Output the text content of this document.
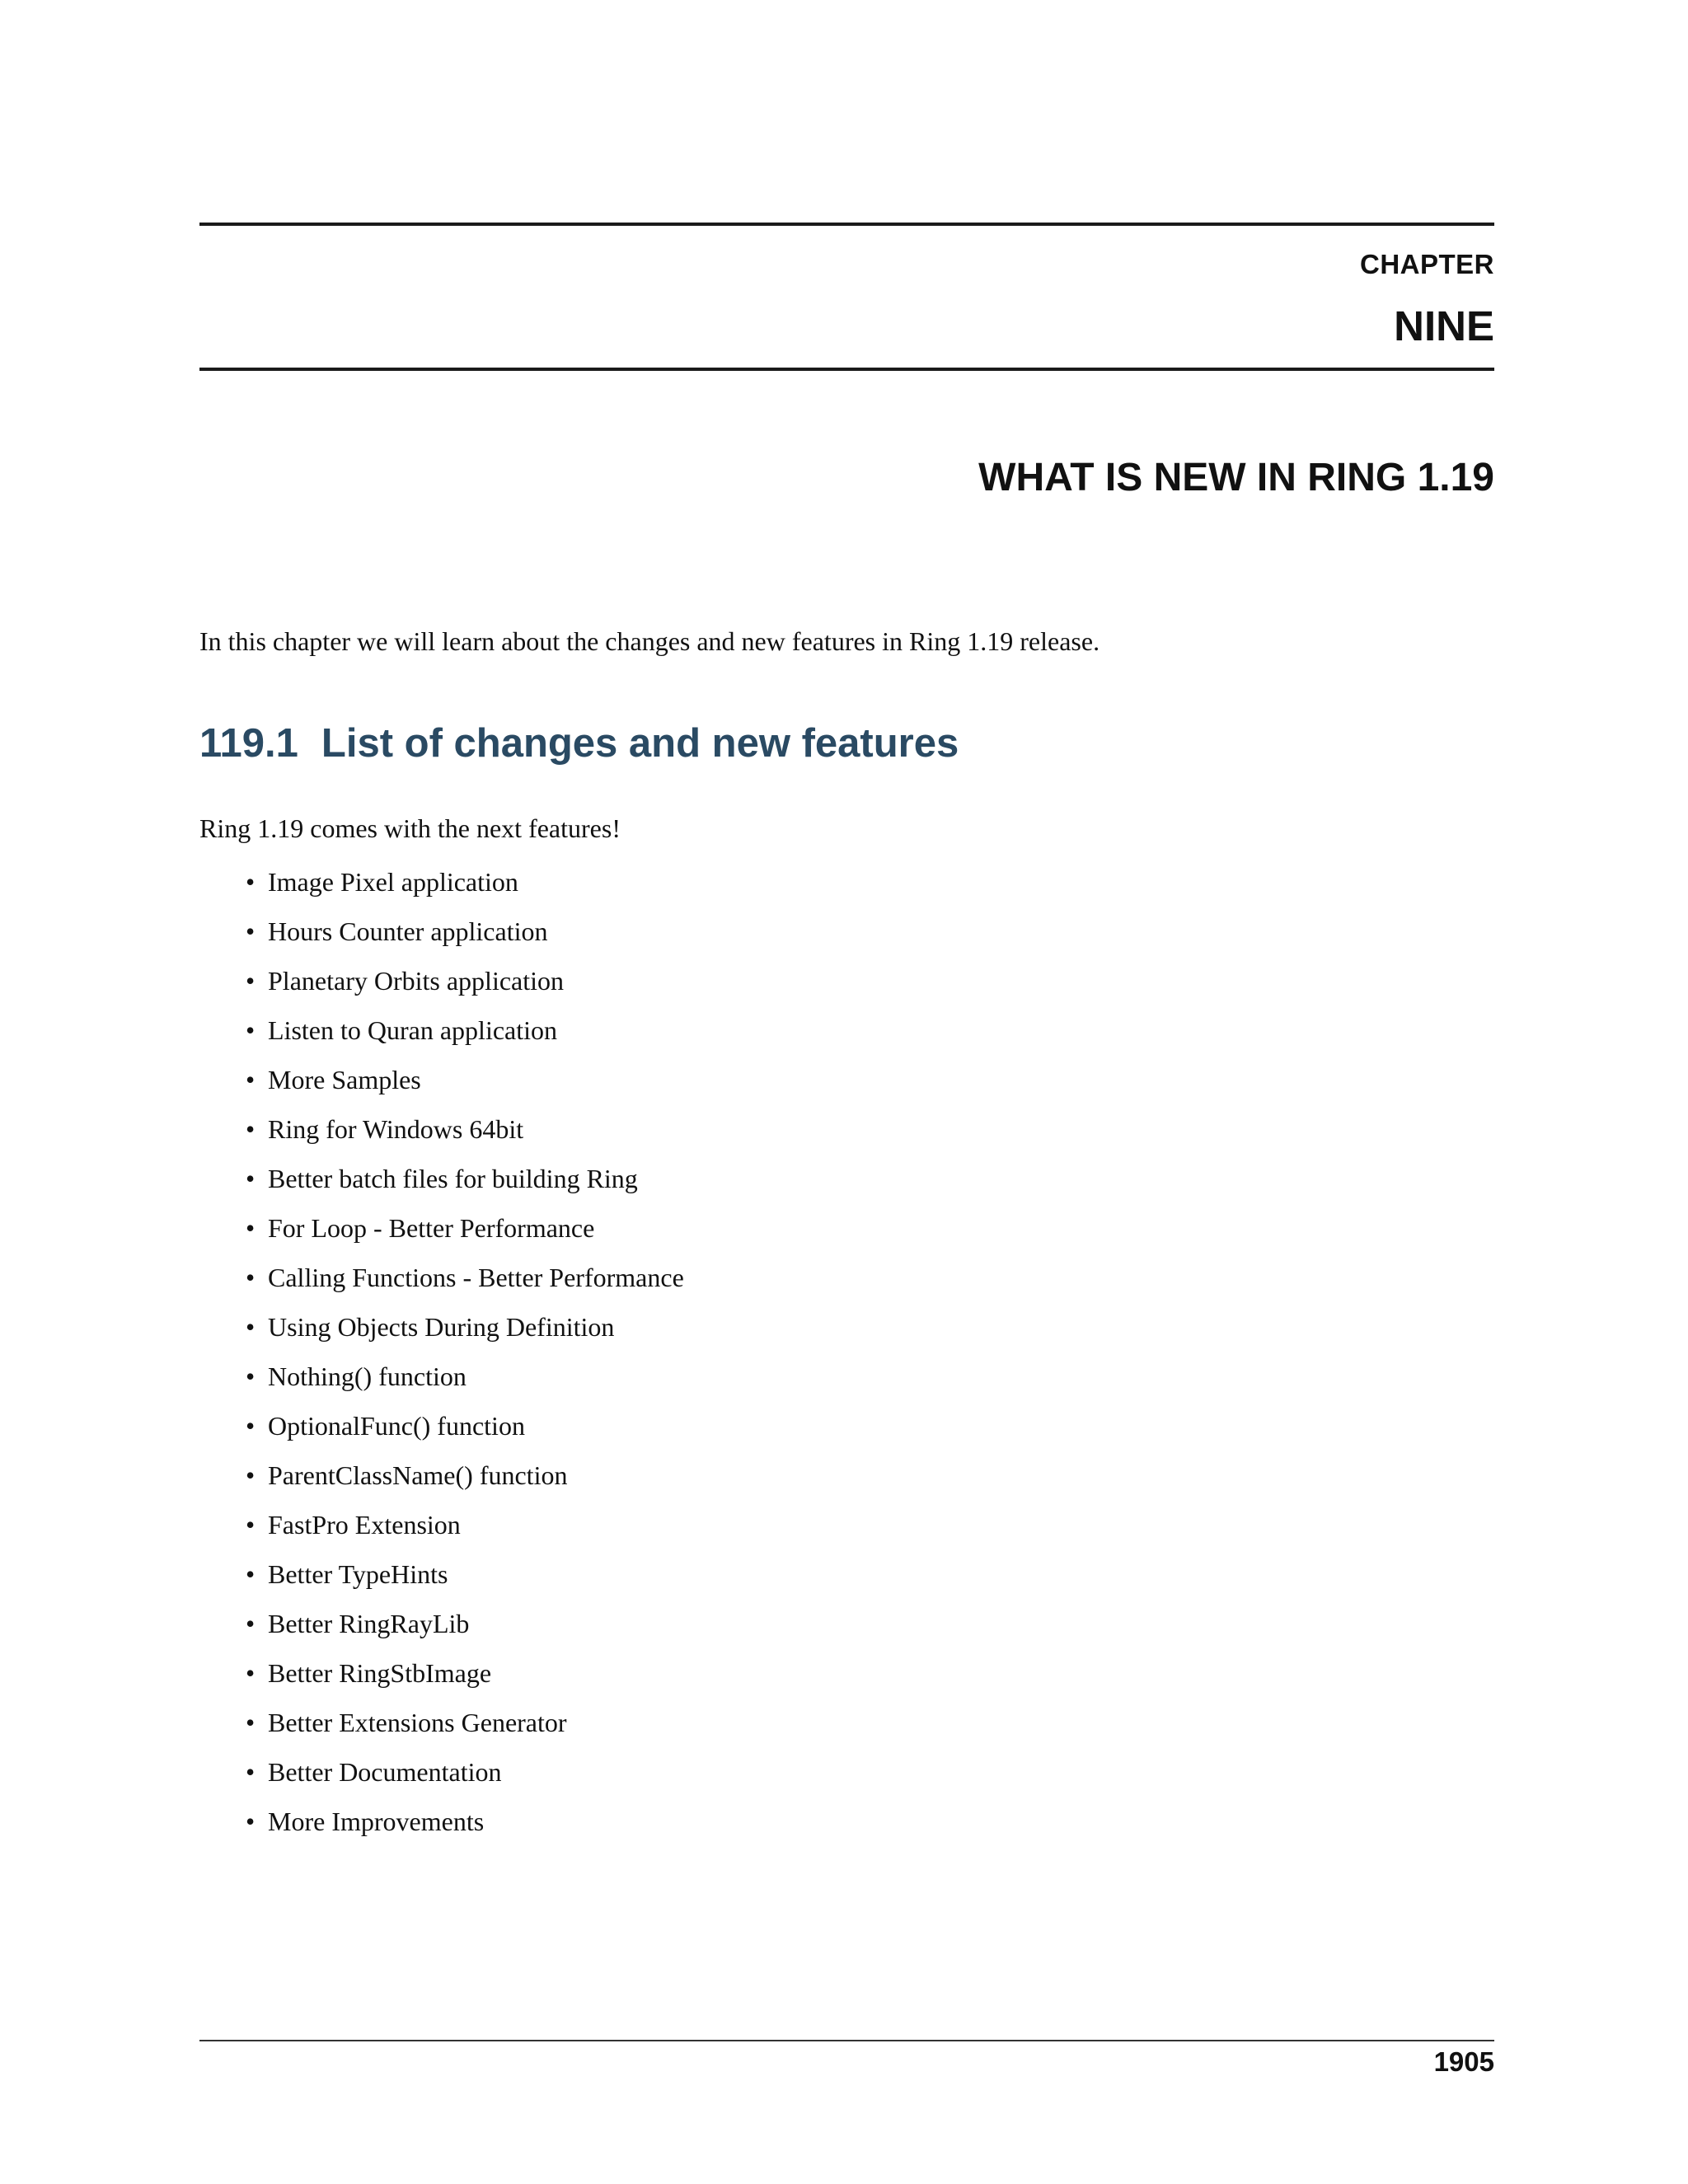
CHAPTER
NINE
WHAT IS NEW IN RING 1.19

In this chapter we will learn about the changes and new features in Ring 1.19 release.

119.1 List of changes and new features

Ring 1.19 comes with the next features!

• Image Pixel application
• Hours Counter application
• Planetary Orbits application
• Listen to Quran application
• More Samples
• Ring for Windows 64bit
• Better batch files for building Ring
• For Loop - Better Performance
• Calling Functions - Better Performance
• Using Objects During Definition
• Nothing() function
• OptionalFunc() function
• ParentClassName() function
• FastPro Extension
• Better TypeHints
• Better RingRayLib
• Better RingStbImage
• Better Extensions Generator
• Better Documentation
• More Improvements
1905
